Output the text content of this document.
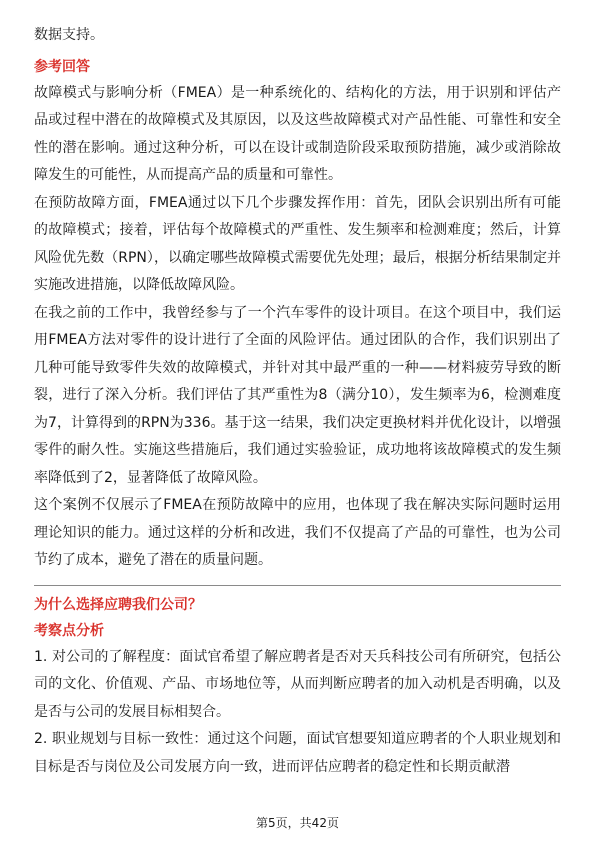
数据支持。

参考回答

故障模式与影响分析（FMEA）是一种系统化的、结构化的方法，用于识别和评估产品或过程中潜在的故障模式及其原因，以及这些故障模式对产品性能、可靠性和安全性的潜在影响。通过这种分析，可以在设计或制造阶段采取预防措施，减少或消除故障发生的可能性，从而提高产品的质量和可靠性。

在预防故障方面，FMEA通过以下几个步骤发挥作用：首先，团队会识别出所有可能的故障模式；接着，评估每个故障模式的严重性、发生频率和检测难度；然后，计算风险优先数（RPN），以确定哪些故障模式需要优先处理；最后，根据分析结果制定并实施改进措施，以降低故障风险。

在我之前的工作中，我曾经参与了一个汽车零件的设计项目。在这个项目中，我们运用FMEA方法对零件的设计进行了全面的风险评估。通过团队的合作，我们识别出了几种可能导致零件失效的故障模式，并针对其中最严重的一种——材料疲劳导致的断裂，进行了深入分析。我们评估了其严重性为8（满分10），发生频率为6，检测难度为7，计算得到的RPN为336。基于这一结果，我们决定更换材料并优化设计，以增强零件的耐久性。实施这些措施后，我们通过实验验证，成功地将该故障模式的发生频率降低到了2，显著降低了故障风险。

这个案例不仅展示了FMEA在预防故障中的应用，也体现了我在解决实际问题时运用理论知识的能力。通过这样的分析和改进，我们不仅提高了产品的可靠性，也为公司节约了成本，避免了潜在的质量问题。

为什么选择应聘我们公司？
考察点分析

1. 对公司的了解程度：面试官希望了解应聘者是否对天兵科技公司有所研究，包括公司的文化、价值观、产品、市场地位等，从而判断应聘者的加入动机是否明确，以及是否与公司的发展目标相契合。

2. 职业规划与目标一致性：通过这个问题，面试官想要知道应聘者的个人职业规划和目标是否与岗位及公司发展方向一致，进而评估应聘者的稳定性和长期贡献潜

第5页，共42页
